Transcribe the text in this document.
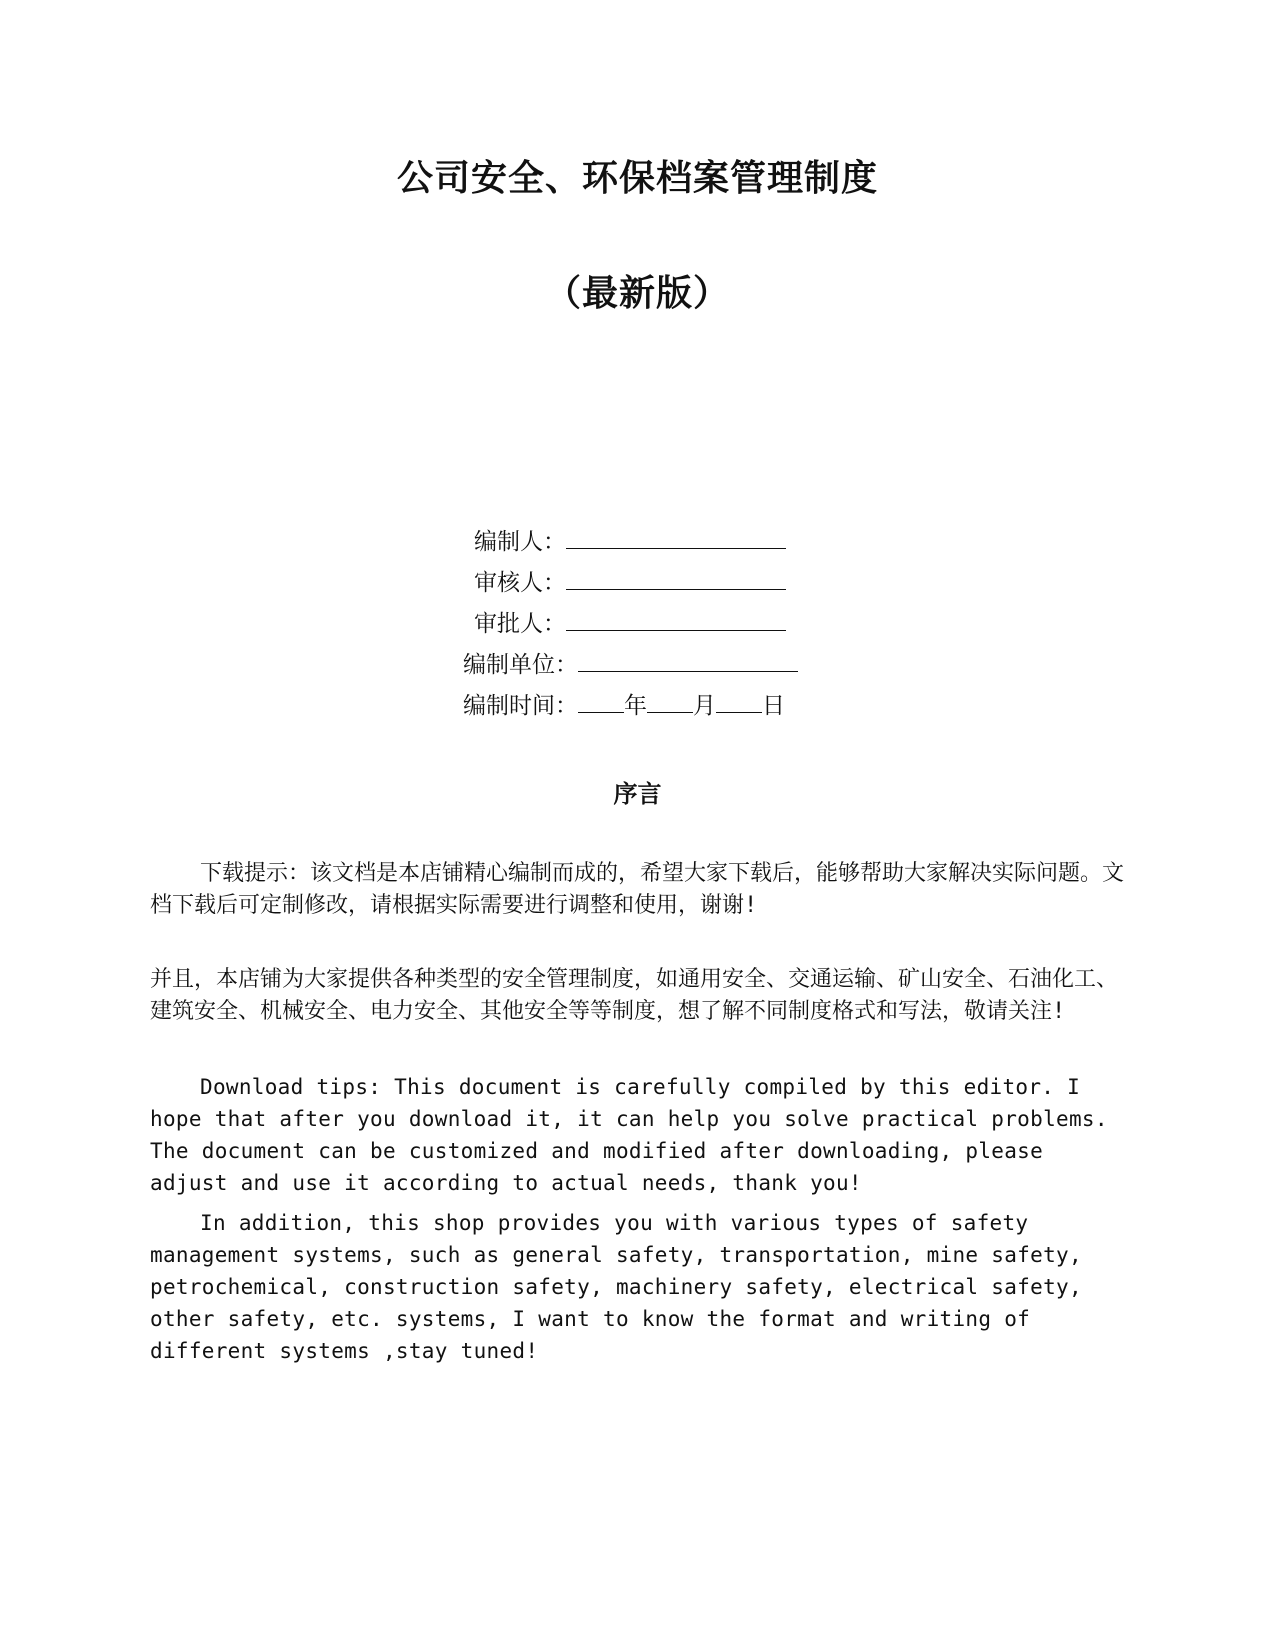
公司安全、环保档案管理制度
（最新版）
编制人：
审核人：
审批人：
编制单位：
编制时间： 年 月 日
序言

下载提示：该文档是本店铺精心编制而成的，希望大家下载后，能够帮助大家解决实际问题。文档下载后可定制修改，请根据实际需要进行调整和使用，谢谢!

并且，本店铺为大家提供各种类型的安全管理制度，如通用安全、交通运输、矿山安全、石油化工、建筑安全、机械安全、电力安全、其他安全等等制度，想了解不同制度格式和写法，敬请关注!

Download tips: This document is carefully compiled by this editor. I hope that after you download it, it can help you solve practical problems. The document can be customized and modified after downloading, please adjust and use it according to actual needs, thank you!

In addition, this shop provides you with various types of safety management systems, such as general safety, transportation, mine safety, petrochemical, construction safety, machinery safety, electrical safety, other safety, etc. systems, I want to know the format and writing of different systems ,stay tuned!
